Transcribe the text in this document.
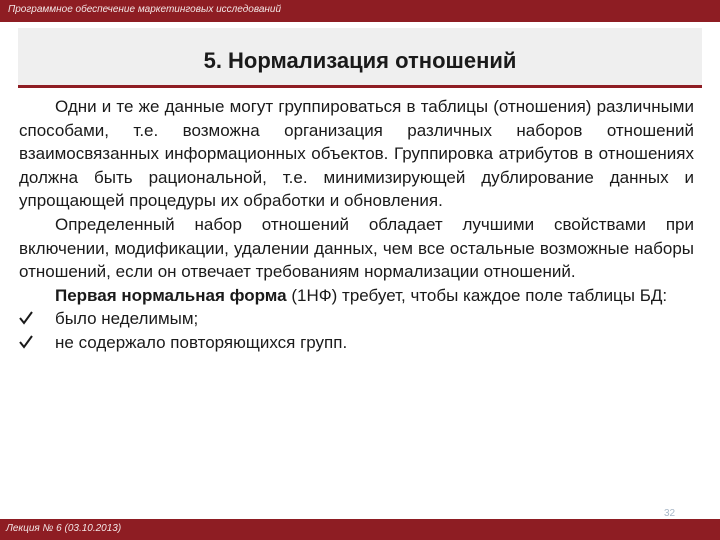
Программное обеспечение маркетинговых исследований
5. Нормализация отношений

Одни и те же данные могут группироваться в таблицы (отношения) различными способами, т.е. возможна организация различных наборов отношений взаимосвязанных информационных объектов. Группировка атрибутов в отношениях должна быть рациональной, т.е. минимизирующей дублирование данных и упрощающей процедуры их обработки и обновления.

Определенный набор отношений обладает лучшими свойствами при включении, модификации, удалении данных, чем все остальные возможные наборы отношений, если он отвечает требованиям нормализации отношений.

Первая нормальная форма (1НФ) требует, чтобы каждое поле таблицы БД:

было неделимым;
не содержало повторяющихся групп.
32
Лекция № 6 (03.10.2013)
